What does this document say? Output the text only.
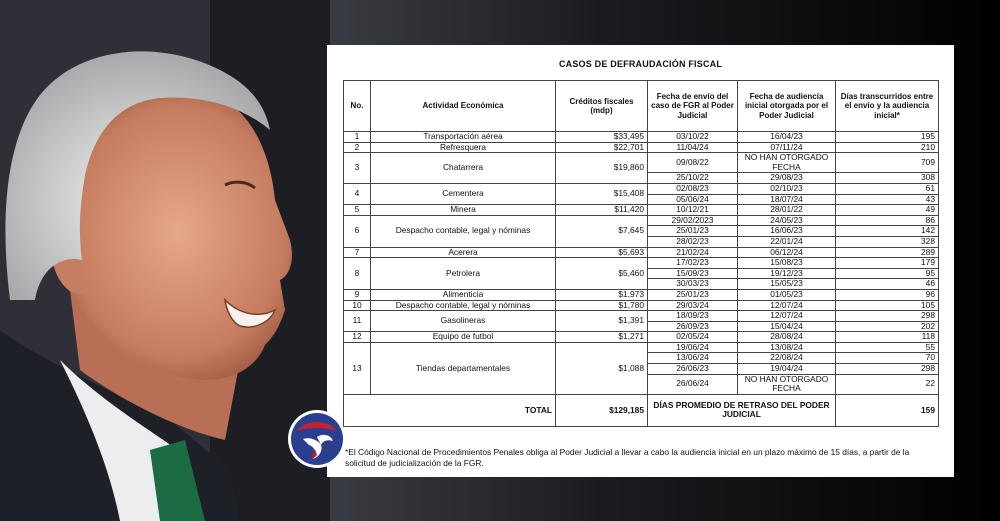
CASOS DE DEFRAUDACIÓN FISCAL
No.	Actividad Económica	Créditos fiscales (mdp)	Fecha de envío del caso de FGR al Poder Judicial	Fecha de audiencia inicial otorgada por el Poder Judicial	Días transcurridos entre el envío y la audiencia inicial*
1	Transportación aérea	$33,495	03/10/22	16/04/23	195
2	Refresquera	$22,701	11/04/24	07/11/24	210
3	Chatarrera	$19,860	09/08/22	NO HAN OTORGADO FECHA	709
			25/10/22	29/08/23	308
4	Cementera	$15,408	02/08/23	02/10/23	61
			05/06/24	18/07/24	43
5	Minera	$11,420	10/12/21	28/01/22	49
6	Despacho contable, legal y nóminas	$7,645	29/02/2023	24/05/23	86
			25/01/23	16/06/23	142
			28/02/23	22/01/24	328
7	Acerera	$5,693	21/02/24	06/12/24	289
8	Petrolera	$5,460	17/02/23	15/08/23	179
			15/09/23	19/12/23	95
			30/03/23	15/05/23	46
9	Alimenticia	$1,973	25/01/23	01/05/23	96
10	Despacho contable, legal y nóminas	$1,780	29/03/24	12/07/24	105
11	Gasolineras	$1,391	18/09/23	12/07/24	298
			26/09/23	15/04/24	202
12	Equipo de futbol	$1,271	02/05/24	28/08/24	118
13	Tiendas departamentales	$1,088	19/06/24	13/08/24	55
			13/06/24	22/08/24	70
			26/06/23	19/04/24	298
			26/06/24	NO HAN OTORGADO FECHA	22
TOTAL		$129,185	DÍAS PROMEDIO DE RETRASO DEL PODER JUDICIAL		159
*El Código Nacional de Procedimientos Penales obliga al Poder Judicial a llevar a cabo la audiencia inicial en un plazo máximo de 15 días, a partir de la solicitud de judicialización de la FGR.
